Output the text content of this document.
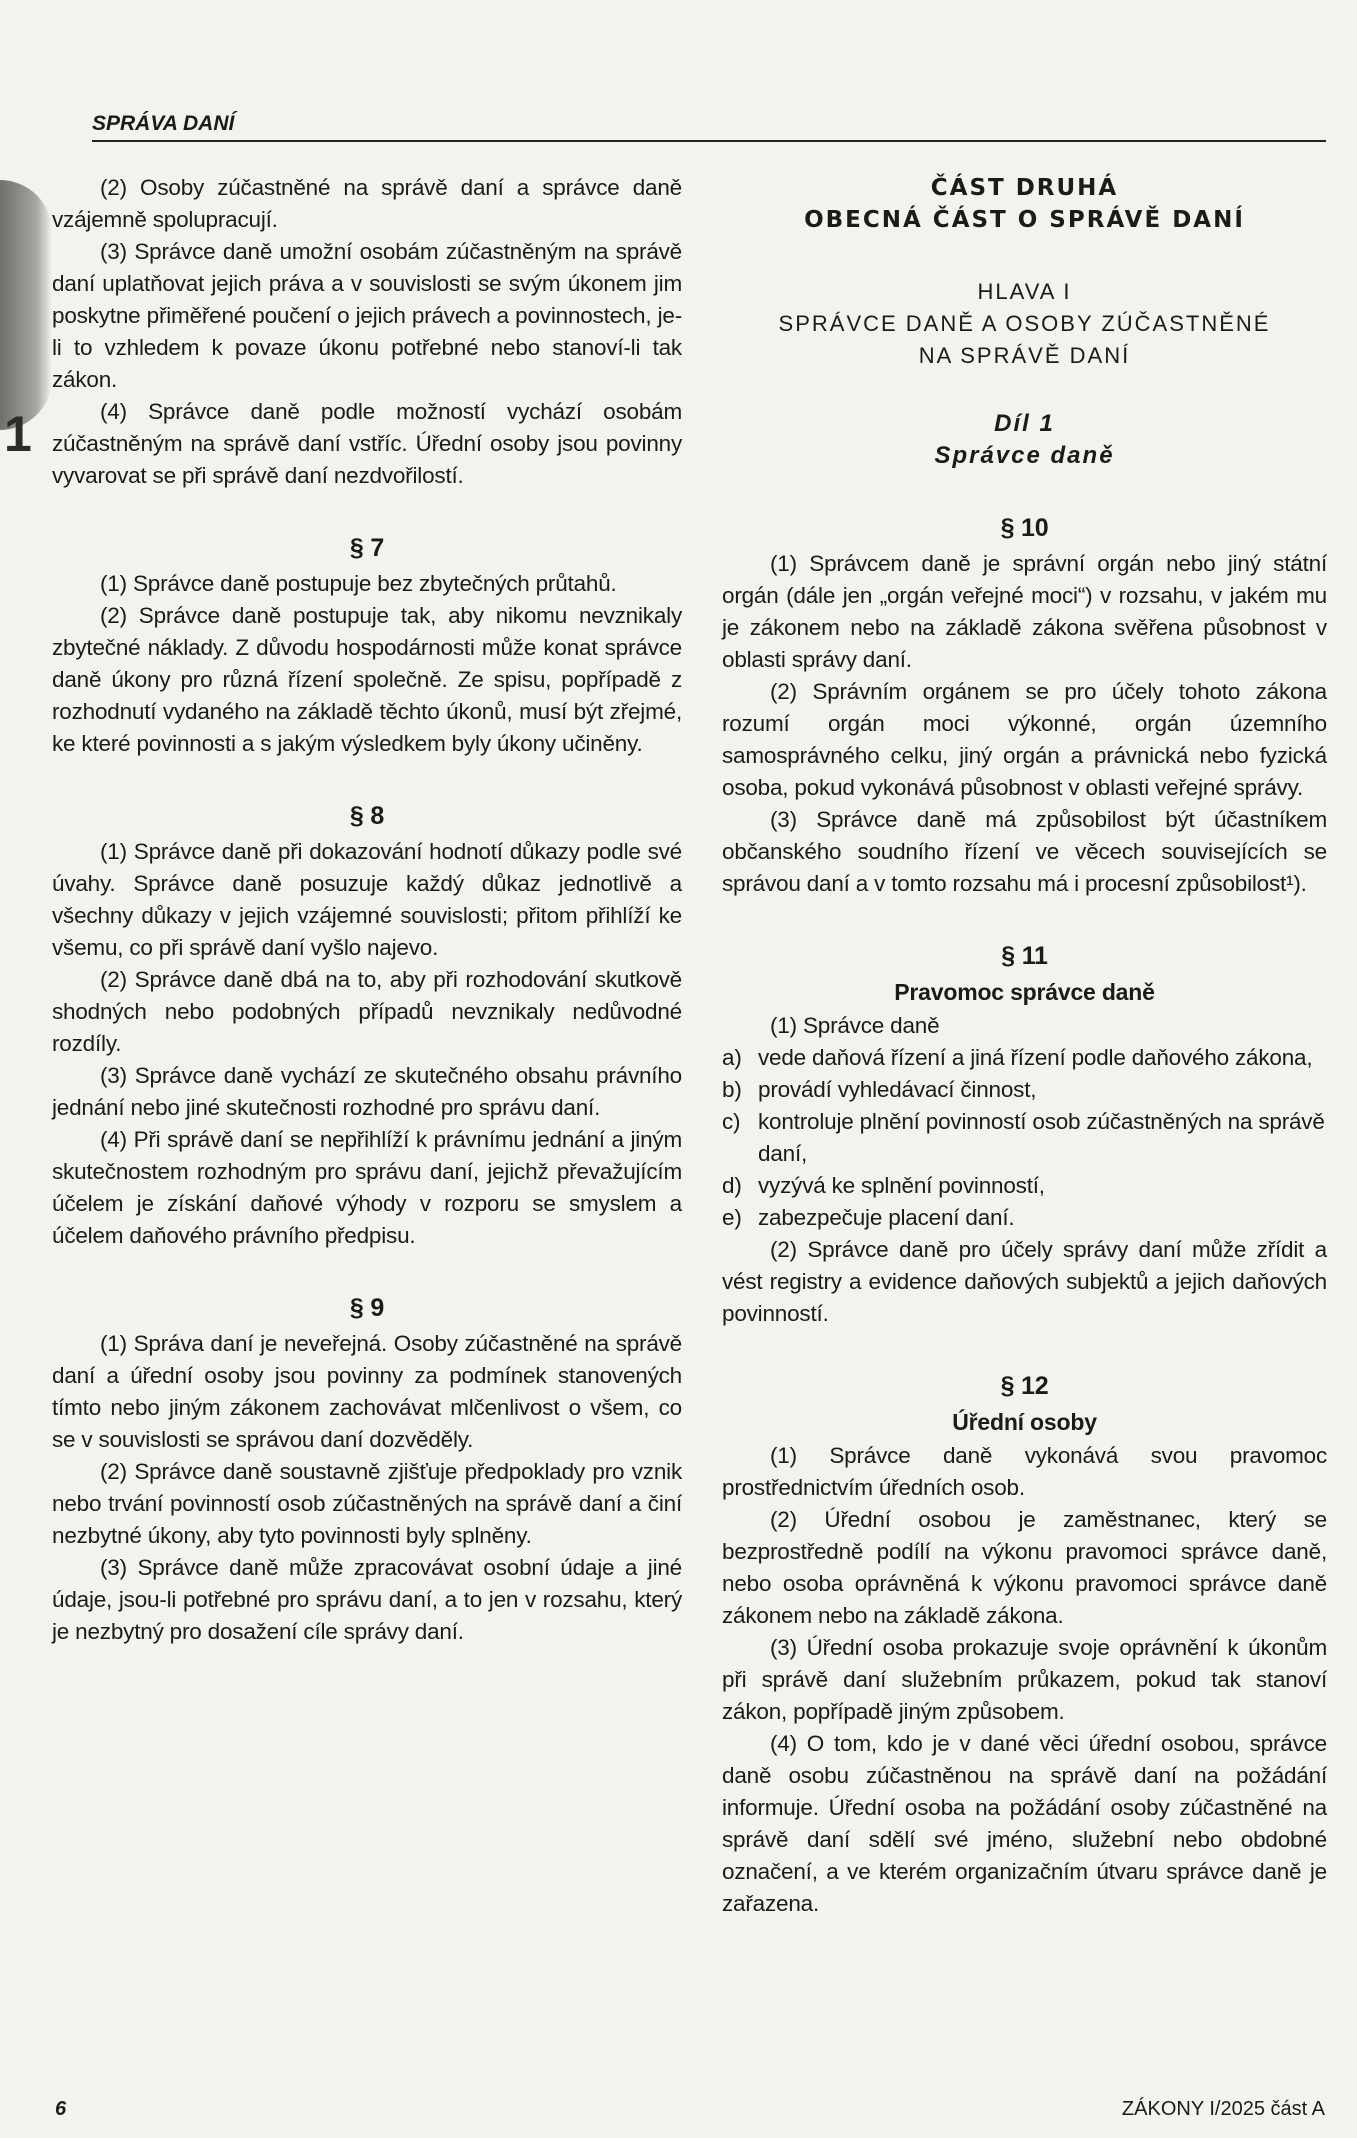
1
SPRÁVA DANÍ

(2) Osoby zúčastněné na správě daní a správce daně vzájemně spolupracují.

(3) Správce daně umožní osobám zúčastněným na správě daní uplatňovat jejich práva a v souvislosti se svým úkonem jim poskytne přiměřené poučení o jejich právech a povinnostech, je-li to vzhledem k povaze úkonu potřebné nebo stanoví-li tak zákon.

(4) Správce daně podle možností vychází osobám zúčastněným na správě daní vstříc. Úřední osoby jsou povinny vyvarovat se při správě daní nezdvořilostí.

§ 7

(1) Správce daně postupuje bez zbytečných průtahů.

(2) Správce daně postupuje tak, aby nikomu nevznikaly zbytečné náklady. Z důvodu hospodárnosti může konat správce daně úkony pro různá řízení společně. Ze spisu, popřípadě z rozhodnutí vydaného na základě těchto úkonů, musí být zřejmé, ke které povinnosti a s jakým výsledkem byly úkony učiněny.

§ 8

(1) Správce daně při dokazování hodnotí důkazy podle své úvahy. Správce daně posuzuje každý důkaz jednotlivě a všechny důkazy v jejich vzájemné souvislosti; přitom přihlíží ke všemu, co při správě daní vyšlo najevo.

(2) Správce daně dbá na to, aby při rozhodování skutkově shodných nebo podobných případů nevznikaly nedůvodné rozdíly.

(3) Správce daně vychází ze skutečného obsahu právního jednání nebo jiné skutečnosti rozhodné pro správu daní.

(4) Při správě daní se nepřihlíží k právnímu jednání a jiným skutečnostem rozhodným pro správu daní, jejichž převažujícím účelem je získání daňové výhody v rozporu se smyslem a účelem daňového právního předpisu.

§ 9

(1) Správa daní je neveřejná. Osoby zúčastněné na správě daní a úřední osoby jsou povinny za podmínek stanovených tímto nebo jiným zákonem zachovávat mlčenlivost o všem, co se v souvislosti se správou daní dozvěděly.

(2) Správce daně soustavně zjišťuje předpoklady pro vznik nebo trvání povinností osob zúčastněných na správě daní a činí nezbytné úkony, aby tyto povinnosti byly splněny.

(3) Správce daně může zpracovávat osobní údaje a jiné údaje, jsou-li potřebné pro správu daní, a to jen v rozsahu, který je nezbytný pro dosažení cíle správy daní.

ČÁST DRUHÁ
OBECNÁ ČÁST O SPRÁVĚ DANÍ
HLAVA I
SPRÁVCE DANĚ A OSOBY ZÚČASTNĚNÉ
NA SPRÁVĚ DANÍ
Díl 1
Správce daně
§ 10

(1) Správcem daně je správní orgán nebo jiný státní orgán (dále jen „orgán veřejné moci“) v rozsahu, v jakém mu je zákonem nebo na základě zákona svěřena působnost v oblasti správy daní.

(2) Správním orgánem se pro účely tohoto zákona rozumí orgán moci výkonné, orgán územního samosprávného celku, jiný orgán a právnická nebo fyzická osoba, pokud vykonává působnost v oblasti veřejné správy.

(3) Správce daně má způsobilost být účastníkem občanského soudního řízení ve věcech souvisejících se správou daní a v tomto rozsahu má i procesní způsobilost¹).

§ 11
Pravomoc správce daně

(1) Správce daně

a) vede daňová řízení a jiná řízení podle daňového zákona,
b) provádí vyhledávací činnost,
c) kontroluje plnění povinností osob zúčastněných na správě daní,
d) vyzývá ke splnění povinností,
e) zabezpečuje placení daní.

(2) Správce daně pro účely správy daní může zřídit a vést registry a evidence daňových subjektů a jejich daňových povinností.

§ 12
Úřední osoby

(1) Správce daně vykonává svou pravomoc prostřednictvím úředních osob.

(2) Úřední osobou je zaměstnanec, který se bezprostředně podílí na výkonu pravomoci správce daně, nebo osoba oprávněná k výkonu pravomoci správce daně zákonem nebo na základě zákona.

(3) Úřední osoba prokazuje svoje oprávnění k úkonům při správě daní služebním průkazem, pokud tak stanoví zákon, popřípadě jiným způsobem.

(4) O tom, kdo je v dané věci úřední osobou, správce daně osobu zúčastněnou na správě daní na požádání informuje. Úřední osoba na požádání osoby zúčastněné na správě daní sdělí své jméno, služební nebo obdobné označení, a ve kterém organizačním útvaru správce daně je zařazena.

6	ZÁKONY I/2025 část A
